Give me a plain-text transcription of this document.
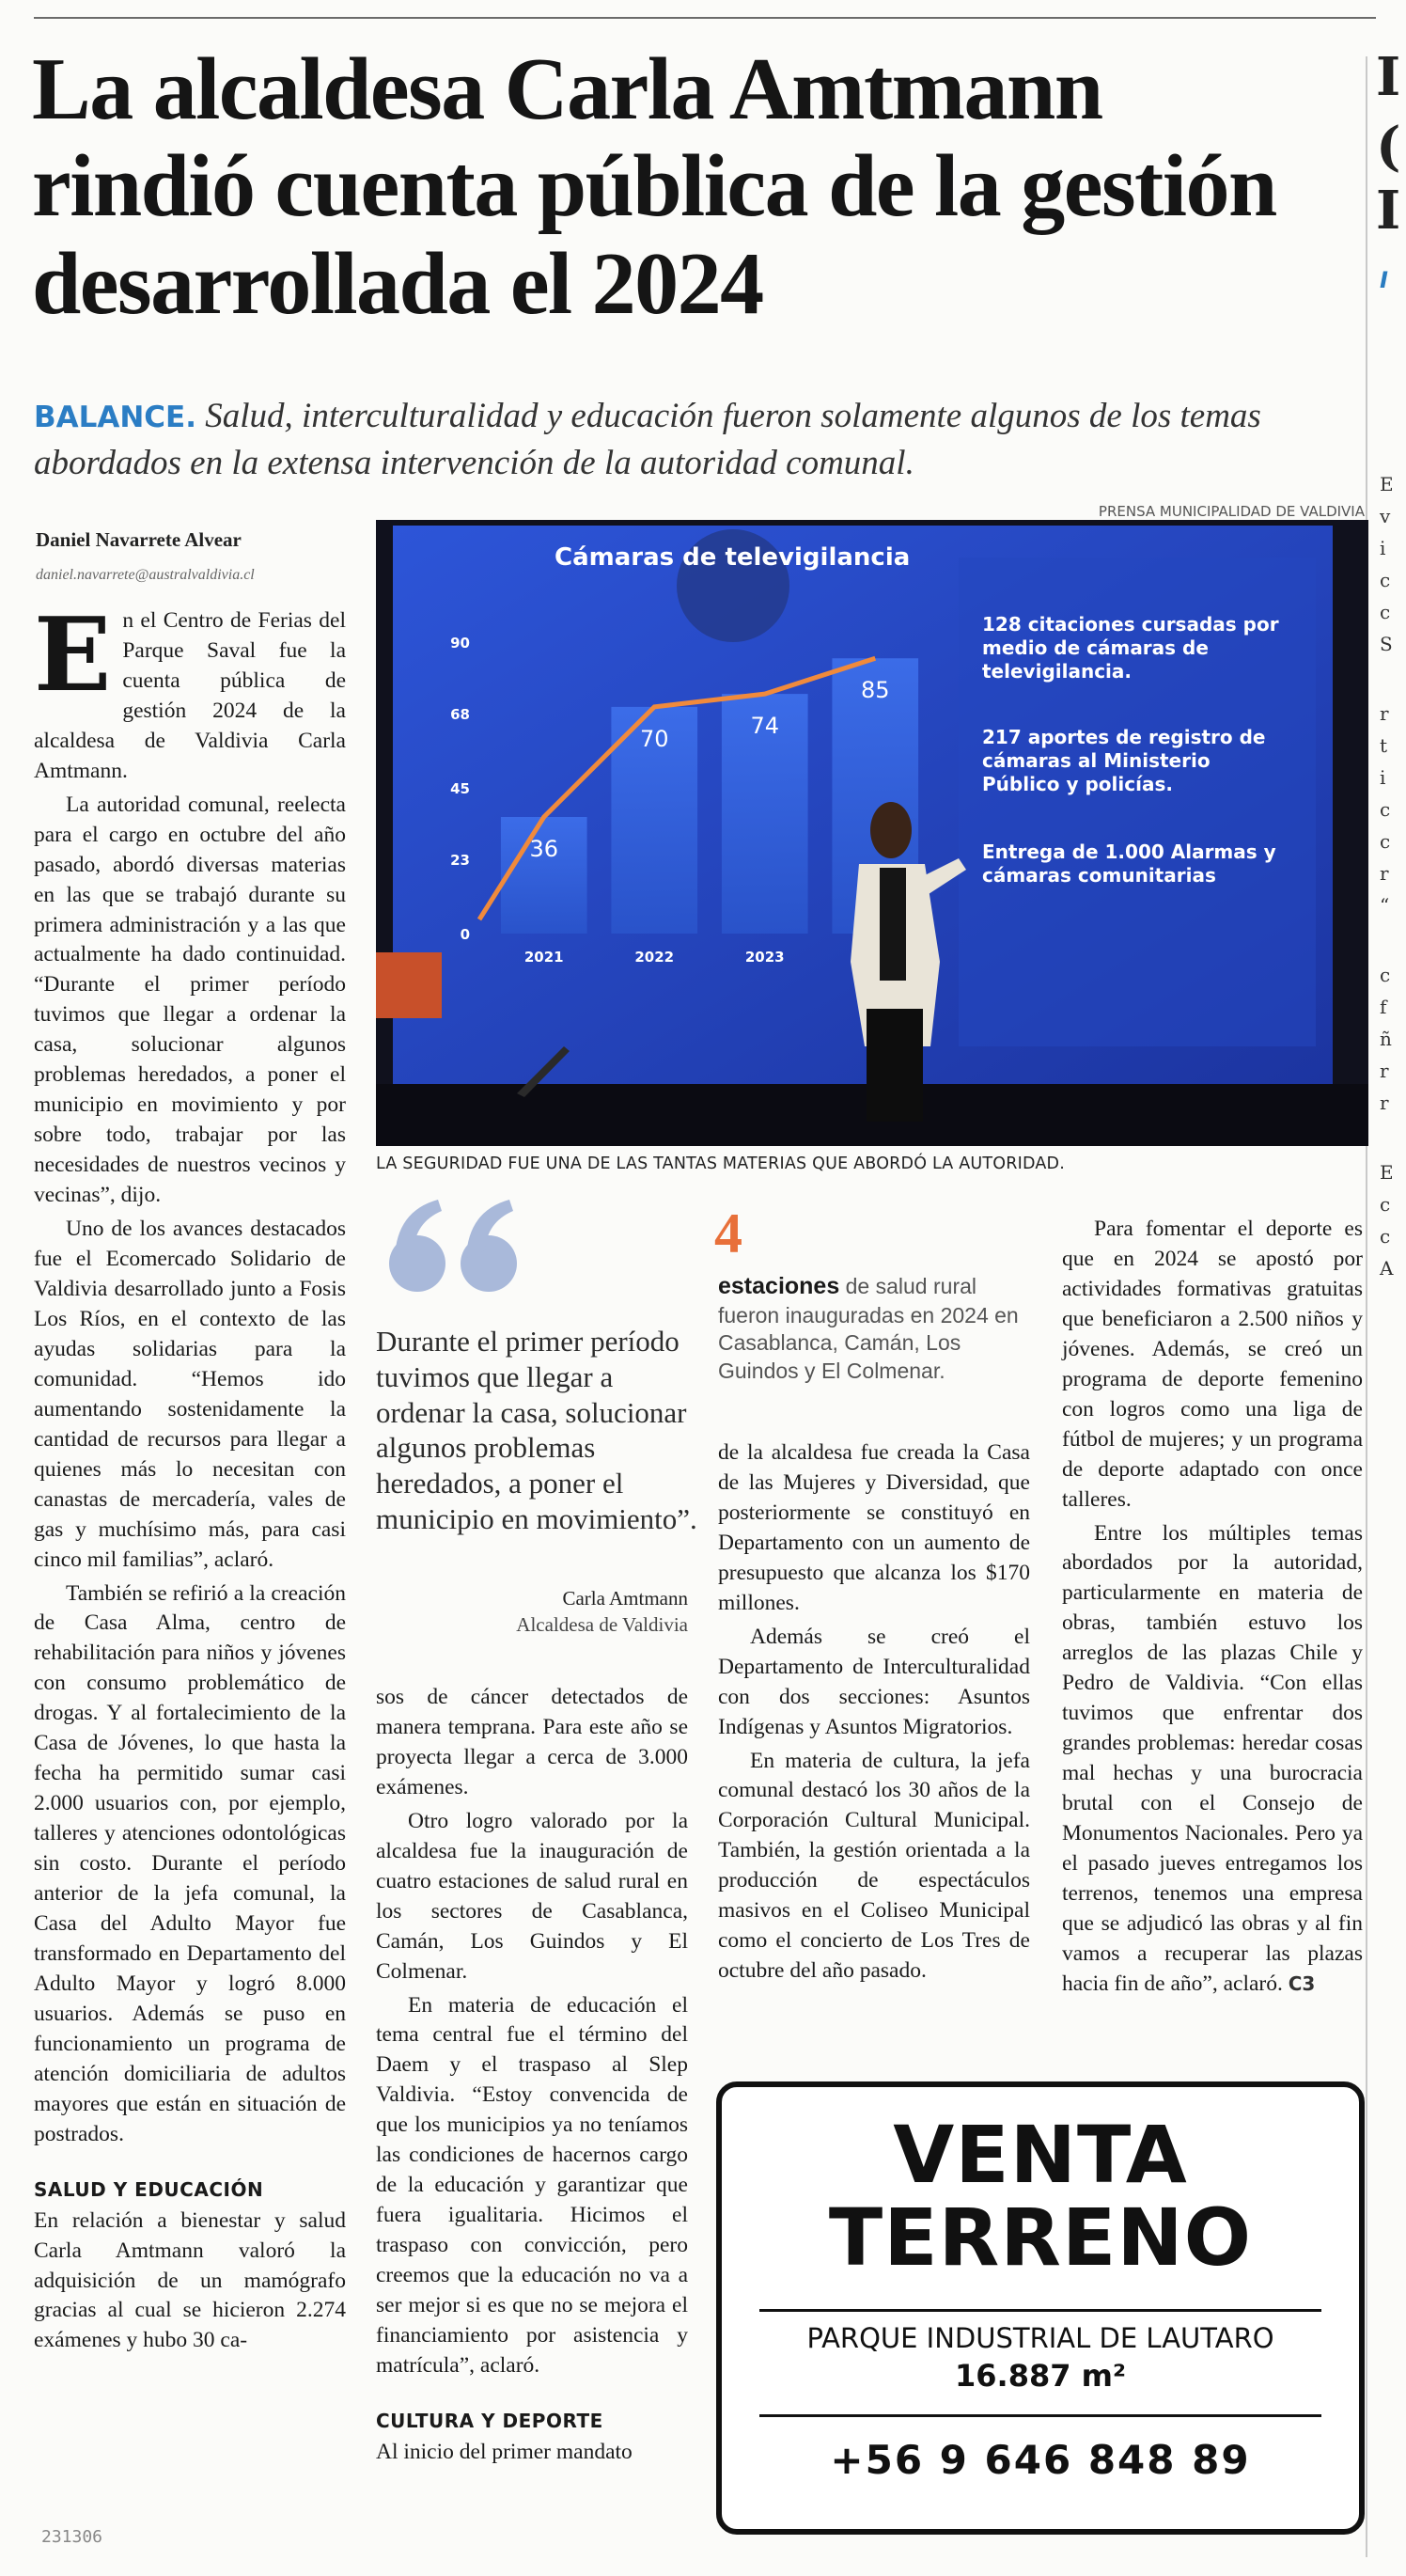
I
(
I
I
E
v
i
c
c
S
r
t
i
c
c
r
“
c
f
ñ
r
r
E
c
c
A
La alcaldesa Carla Amtmann rindió cuenta pública de la gestión desarrollada el 2024
BALANCE. Salud, interculturalidad y educación fueron solamente algunos de los temas abordados en la extensa intervención de la autoridad comunal.
PRENSA MUNICIPALIDAD DE VALDIVIA
Cámaras de televigilancia
0
23
45
68
90
36
2021
70
2022
74
2023
85
128 citaciones cursadas por medio de cámaras de televigilancia.
217 aportes de registro de cámaras al Ministerio Público y policías.
Entrega de 1.000 Alarmas y cámaras comunitarias
LA SEGURIDAD FUE UNA DE LAS TANTAS MATERIAS QUE ABORDÓ LA AUTORIDAD.
Daniel Navarrete Alvear
daniel.navarrete@australvaldivia.cl

En el Centro de Ferias del Parque Saval fue la cuenta pública de gestión 2024 de la alcaldesa de Valdivia Carla Amtmann.

La autoridad comunal, reelecta para el cargo en octubre del año pasado, abordó diversas materias en las que se trabajó durante su primera administración y a las que actualmente ha dado continuidad. “Durante el primer período tuvimos que llegar a ordenar la casa, solucionar algunos problemas heredados, a poner el municipio en movimiento y por sobre todo, trabajar por las necesidades de nuestros vecinos y vecinas”, dijo.

Uno de los avances destacados fue el Ecomercado Solidario de Valdivia desarrollado junto a Fosis Los Ríos, en el contexto de las ayudas solidarias para la comunidad. “Hemos ido aumentando sostenidamente la cantidad de recursos para llegar a quienes más lo necesitan con canastas de mercadería, vales de gas y muchísimo más, para casi cinco mil familias”, aclaró.

También se refirió a la creación de Casa Alma, centro de rehabilitación para niños y jóvenes con consumo problemático de drogas. Y al fortalecimiento de la Casa de Jóvenes, lo que hasta la fecha ha permitido sumar casi 2.000 usuarios con, por ejemplo, talleres y atenciones odontológicas sin costo. Durante el período anterior de la jefa comunal, la Casa del Adulto Mayor fue transformado en Departamento del Adulto Mayor y logró 8.000 usuarios. Además se puso en funcionamiento un programa de atención domiciliaria de adultos mayores que están en situación de postrados.

SALUD Y EDUCACIÓN

En relación a bienestar y salud Carla Amtmann valoró la adquisición de un mamógrafo gracias al cual se hicieron 2.274 exámenes y hubo 30 ca-

Durante el primer período tuvimos que llegar a ordenar la casa, solucionar algunos problemas heredados, a poner el municipio en movimiento”.
Carla Amtmann
Alcaldesa de Valdivia

sos de cáncer detectados de manera temprana. Para este año se proyecta llegar a cerca de 3.000 exámenes.

Otro logro valorado por la alcaldesa fue la inauguración de cuatro estaciones de salud rural en los sectores de Casablanca, Camán, Los Guindos y El Colmenar.

En materia de educación el tema central fue el término del Daem y el traspaso al Slep Valdivia. “Estoy convencida de que los municipios ya no teníamos las condiciones de hacernos cargo de la educación y garantizar que fuera igualitaria. Hicimos el traspaso con convicción, pero creemos que la educación no va a ser mejor si es que no se mejora el financiamiento por asistencia y matrícula”, aclaró.

CULTURA Y DEPORTE

Al inicio del primer mandato

4
estaciones de salud rural fueron inauguradas en 2024 en Casablanca, Camán, Los Guindos y El Colmenar.

de la alcaldesa fue creada la Casa de las Mujeres y Diversidad, que posteriormente se constituyó en Departamento con un aumento de presupuesto que alcanza los $170 millones.

Además se creó el Departamento de Interculturalidad con dos secciones: Asuntos Indígenas y Asuntos Migratorios.

En materia de cultura, la jefa comunal destacó los 30 años de la Corporación Cultural Municipal. También, la gestión orientada a la producción de espectáculos masivos en el Coliseo Municipal como el concierto de Los Tres de octubre del año pasado.

Para fomentar el deporte es que en 2024 se apostó por actividades formativas gratuitas que beneficiaron a 2.500 niños y jóvenes. Además, se creó un programa de deporte femenino con logros como una liga de fútbol de mujeres; y un programa de deporte adaptado con once talleres.

Entre los múltiples temas abordados por la autoridad, particularmente en materia de obras, también estuvo los arreglos de las plazas Chile y Pedro de Valdivia. “Con ellas tuvimos que enfrentar dos grandes problemas: heredar cosas mal hechas y una burocracia brutal con el Consejo de Monumentos Nacionales. Pero ya el pasado jueves entregamos los terrenos, tenemos una empresa que se adjudicó las obras y al fin vamos a recuperar las plazas hacia fin de año”, aclaró. C3

VENTA
TERRENO
PARQUE INDUSTRIAL DE LAUTARO
16.887 m²
+56 9 646 848 89
231306
